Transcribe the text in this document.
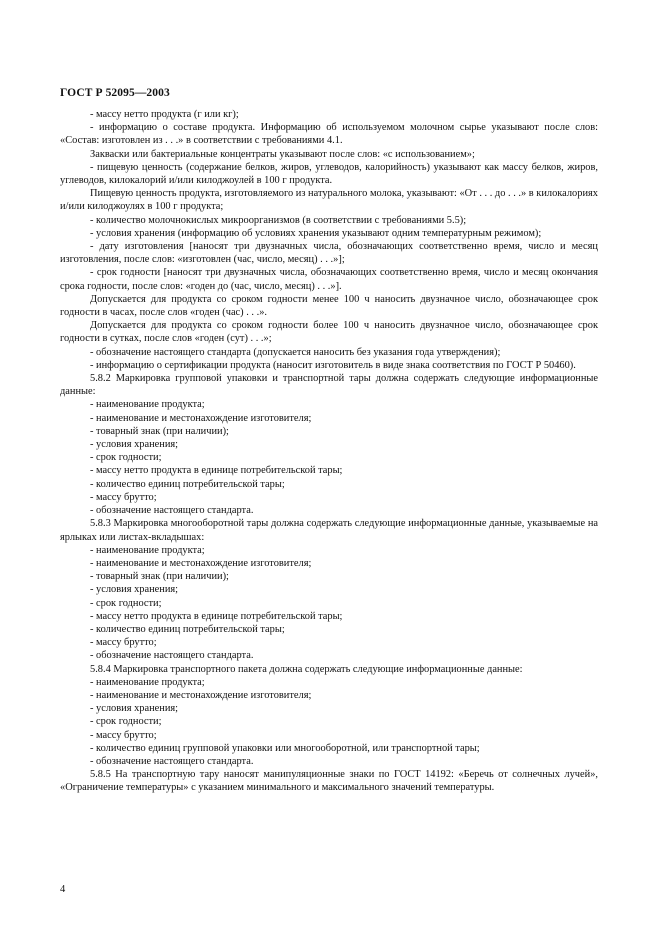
ГОСТ Р 52095—2003

- массу нетто продукта (г или кг);

- информацию о составе продукта. Информацию об используемом молочном сырье указывают после слов: «Состав: изготовлен из . . .» в соответствии с требованиями 4.1.

Закваски или бактериальные концентраты указывают после слов: «с использованием»;

- пищевую ценность (содержание белков, жиров, углеводов, калорийность) указывают как массу белков, жиров, углеводов, килокалорий и/или килоджоулей в 100 г продукта.

Пищевую ценность продукта, изготовляемого из натурального молока, указывают: «От . . . до . . .» в килокалориях и/или килоджоулях в 100 г продукта;

- количество молочнокислых микроорганизмов (в соответствии с требованиями 5.5);

- условия хранения (информацию об условиях хранения указывают одним температурным режимом);

- дату изготовления [наносят три двузначных числа, обозначающих соответственно время, число и месяц изготовления, после слов: «изготовлен (час, число, месяц) . . .»];

- срок годности [наносят три двузначных числа, обозначающих соответственно время, число и месяц окончания срока годности, после слов: «годен до (час, число, месяц) . . .»].

Допускается для продукта со сроком годности менее 100 ч наносить двузначное число, обозначающее срок годности в часах, после слов «годен (час) . . .».

Допускается для продукта со сроком годности более 100 ч наносить двузначное число, обозначающее срок годности в сутках, после слов «годен (сут) . . .»;

- обозначение настоящего стандарта (допускается наносить без указания года утверждения);

- информацию о сертификации продукта (наносит изготовитель в виде знака соответствия по ГОСТ Р 50460).

5.8.2 Маркировка групповой упаковки и транспортной тары должна содержать следующие информационные данные:

- наименование продукта;

- наименование и местонахождение изготовителя;

- товарный знак (при наличии);

- условия хранения;

- срок годности;

- массу нетто продукта в единице потребительской тары;

- количество единиц потребительской тары;

- массу брутто;

- обозначение настоящего стандарта.

5.8.3 Маркировка многооборотной тары должна содержать следующие информационные данные, указываемые на ярлыках или листах-вкладышах:

- наименование продукта;

- наименование и местонахождение изготовителя;

- товарный знак (при наличии);

- условия хранения;

- срок годности;

- массу нетто продукта в единице потребительской тары;

- количество единиц потребительской тары;

- массу брутто;

- обозначение настоящего стандарта.

5.8.4 Маркировка транспортного пакета должна содержать следующие информационные данные:

- наименование продукта;

- наименование и местонахождение изготовителя;

- условия хранения;

- срок годности;

- массу брутто;

- количество единиц групповой упаковки или многооборотной, или транспортной тары;

- обозначение настоящего стандарта.

5.8.5 На транспортную тару наносят манипуляционные знаки по ГОСТ 14192: «Беречь от солнечных лучей», «Ограничение температуры» с указанием минимального и максимального значений температуры.

4
